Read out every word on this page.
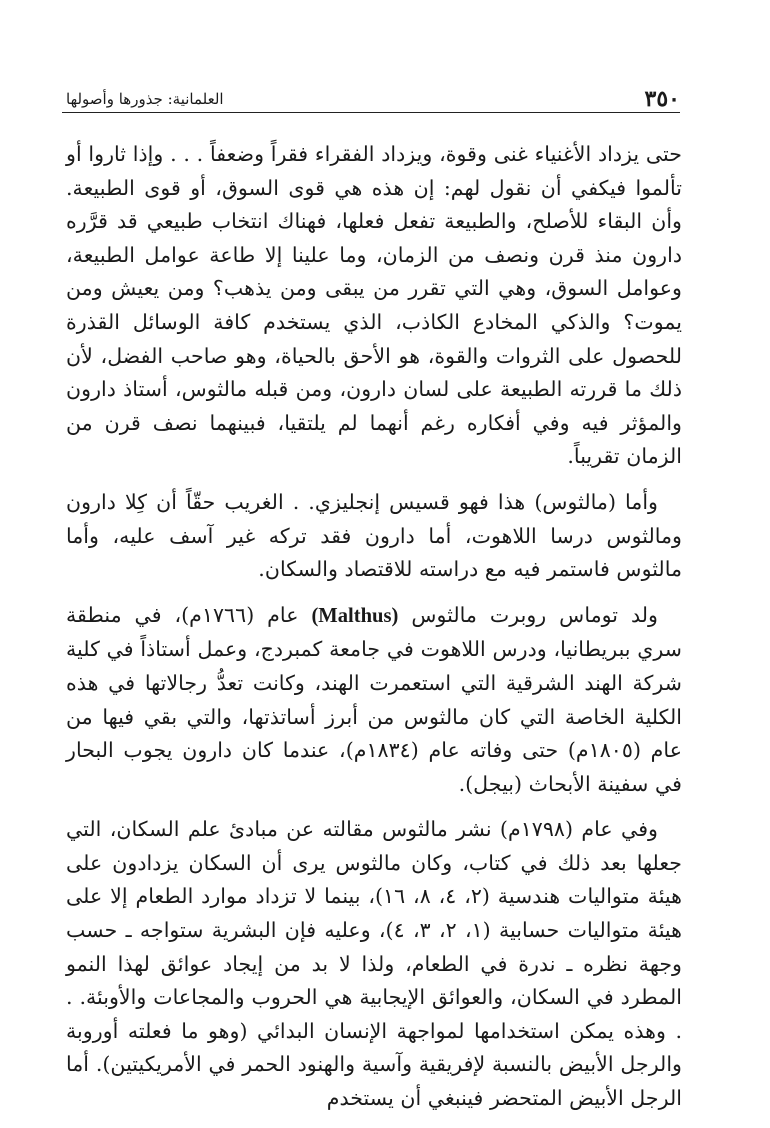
٣٥٠
العلمانية: جذورها وأصولها

حتى يزداد الأغنياء غنى وقوة، ويزداد الفقراء فقراً وضعفاً . . . وإذا ثاروا أو تألموا فيكفي أن نقول لهم: إن هذه هي قوى السوق، أو قوى الطبيعة. وأن البقاء للأصلح، والطبيعة تفعل فعلها، فهناك انتخاب طبيعي قد قرَّره دارون منذ قرن ونصف من الزمان، وما علينا إلا طاعة عوامل الطبيعة، وعوامل السوق، وهي التي تقرر من يبقى ومن يذهب؟ ومن يعيش ومن يموت؟ والذكي المخادع الكاذب، الذي يستخدم كافة الوسائل القذرة للحصول على الثروات والقوة، هو الأحق بالحياة، وهو صاحب الفضل، لأن ذلك ما قررته الطبيعة على لسان دارون، ومن قبله مالثوس، أستاذ دارون والمؤثر فيه وفي أفكاره رغم أنهما لم يلتقيا، فبينهما نصف قرن من الزمان تقريباً.

وأما (مالثوس) هذا فهو قسيس إنجليزي. . الغريب حقّاً أن كِلا دارون ومالثوس درسا اللاهوت، أما دارون فقد تركه غير آسف عليه، وأما مالثوس فاستمر فيه مع دراسته للاقتصاد والسكان.

ولد توماس روبرت مالثوس (Malthus) عام (١٧٦٦م)، في منطقة سري ببريطانيا، ودرس اللاهوت في جامعة كمبردج، وعمل أستاذاً في كلية شركة الهند الشرقية التي استعمرت الهند، وكانت تعدُّ رجالاتها في هذه الكلية الخاصة التي كان مالثوس من أبرز أساتذتها، والتي بقي فيها من عام (١٨٠٥م) حتى وفاته عام (١٨٣٤م)، عندما كان دارون يجوب البحار في سفينة الأبحاث (بيجل).

وفي عام (١٧٩٨م) نشر مالثوس مقالته عن مبادئ علم السكان، التي جعلها بعد ذلك في كتاب، وكان مالثوس يرى أن السكان يزدادون على هيئة متواليات هندسية (٢، ٤، ٨، ١٦)، بينما لا تزداد موارد الطعام إلا على هيئة متواليات حسابية (١، ٢، ٣، ٤)، وعليه فإن البشرية ستواجه ـ حسب وجهة نظره ـ ندرة في الطعام، ولذا لا بد من إيجاد عوائق لهذا النمو المطرد في السكان، والعوائق الإيجابية هي الحروب والمجاعات والأوبئة. . . وهذه يمكن استخدامها لمواجهة الإنسان البدائي (وهو ما فعلته أوروبة والرجل الأبيض بالنسبة لإفريقية وآسية والهنود الحمر في الأمريكيتين). أما الرجل الأبيض المتحضر فينبغي أن يستخدم
